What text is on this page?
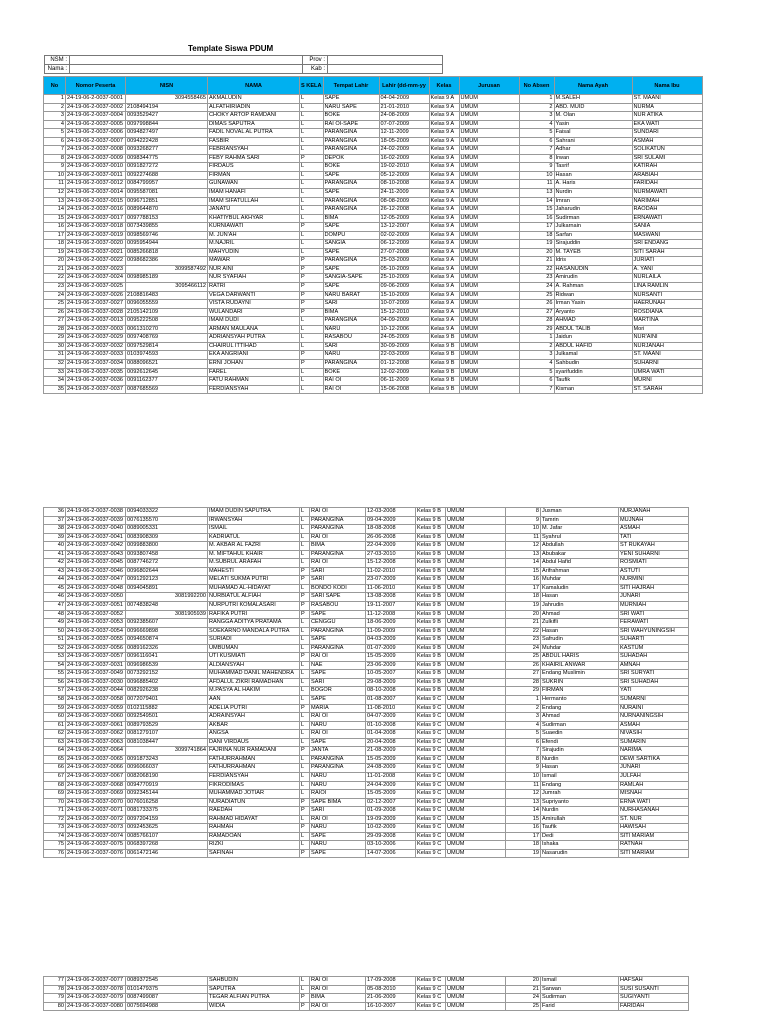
Template Siswa PDUM
NSM :		Prov :	
Nama :		Kab :	
No	Nomor Peserta	NISN	NAMA	S KELA	Tempat Lahir	Lahir (dd-mm-yy	Kelas	Jurusan	No Absen	Nama Ayah	Nama Ibu
1	24-19-06-2-0037-0001	3094558465	AKMALUDIN	L	SAPE	04-04-2009	Kelas 9 A	UMUM	1	M.SALEH	ST. MAANI
2	24-19-06-2-0037-0002	2108494194	ALFATHIRIADIN	L	NARU SAPE	21-01-2010	Kelas 9 A	UMUM	2	ABD. MUID	NURMA
3	24-19-06-2-0037-0004	0093529427	CHOKY ARTOP RAMDANI	L	BOKE	24-08-2009	Kelas 9 A	UMUM	3	M. Olan	NUR ATIKA
4	24-19-06-2-0037-0005	0097998844	DIMAS SAPUTRA	L	RAI OI-SAPE	07-07-2009	Kelas 9 A	UMUM	4	Yasin	EKA WATI
5	24-19-06-2-0037-0006	0094827497	FADIL NOVAL AL PUTRA	L	PARANGINA	12-11-2009	Kelas 9 A	UMUM	5	Faisal	SUNDARI
6	24-19-06-2-0037-0007	0094222428	FASBIR	L	PARANGINA	18-05-2009	Kelas 9 A	UMUM	6	Sahrani	ASMAH
7	24-19-06-2-0037-0008	0093268277	FEBRIANSYAH	L	PARANGINA	24-02-2009	Kelas 9 A	UMUM	7	Adhar	SOLIKATUN
8	24-19-06-2-0037-0009	0098344775	FEBY RAHMA SARI	P	DEPOK	16-02-2009	Kelas 9 A	UMUM	8	Irwan	SRI SULAMI
9	24-19-06-2-0037-0010	0091827272	FIRDAUS	L	BOKE	19-02-2010	Kelas 9 A	UMUM	9	Tasrif	KATIRAH
10	24-19-06-2-0037-0011	0092274688	FIRMAN	L	SAPE	05-12-2009	Kelas 9 A	UMUM	10	Hasan	ARABIAH
11	24-19-06-2-0037-0012	0084799957	GUNAWAN	L	PARANGINA	08-10-2008	Kelas 9 A	UMUM	11	A. Haris	FARIDAH
12	24-19-06-2-0037-0014	0095587081	IMAM HANAFI	L	SAPE	24-11-2009	Kelas 9 A	UMUM	13	Nurdin	NURMAWATI
13	24-19-06-2-0037-0015	0096712851	IMAM SIFATULLAH	L	PARANGINA	08-08-2009	Kelas 9 A	UMUM	14	Imran	NARIMAH
14	24-19-06-2-0037-0016	0089644870	JANATU	L	PARANGINA	26-12-2008	Kelas 9 A	UMUM	15	Jaharudin	RAODAH
15	24-19-06-2-0037-0017	0097788153	KHATIYBUL AKHYAR	L	BIMA	12-05-2009	Kelas 9 A	UMUM	16	Sudirman	ERNAWATI
16	24-19-06-2-0037-0018	0073439855	KURNIAWATI	P	SAPE	13-12-2007	Kelas 9 A	UMUM	17	Julkarnain	SANIA
17	24-19-06-2-0037-0019	0098569746	M. JUN'AH	L	DOMPU	02-02-2009	Kelas 9 A	UMUM	18	Sarfan	MASWANI
18	24-19-06-2-0037-0020	0095954944	M.NAJRIL	L	SANGIA	06-12-2009	Kelas 9 A	UMUM	19	Sirajuddin	SRI ENDANG
19	24-19-06-2-0037-0021	0085266818	MAHYUDIN	L	SAPE	27-07-2008	Kelas 9 A	UMUM	20	M. TAYEB	SITI SARAH
20	24-19-06-2-0037-0022	0098682386	MAWAR	P	PARANGINA	25-03-2009	Kelas 9 A	UMUM	21	Idris	JURIATI
21	24-19-06-2-0037-0023	3099587492	NUR AINI	P	SAPE	05-10-2009	Kelas 9 A	UMUM	22	HASANUDIN	A. YANI
22	24-19-06-2-0037-0024	0098985189	NUR SYAFIAH	P	SANGIA-SAPE	25-10-2009	Kelas 9 A	UMUM	23	Amirudin	NURLAILA
23	24-19-06-2-0037-0025	3095466112	RATRI	P	SAPE	09-06-2009	Kelas 9 A	UMUM	24	A. Rahman	LINA RAMLIN
24	24-19-06-2-0037-0026	2108816483	VEGA DARWANTI	P	NARU BARAT	15-10-2009	Kelas 9 A	UMUM	25	Ridwan	NURSANTI
25	24-19-06-2-0037-0027	0096055559	VISTA RUDAYNI	P	SARI	10-07-2009	Kelas 9 A	UMUM	26	Irman Yasin	HAERUNAH
26	24-19-06-2-0037-0028	2105142109	WULANDARI	P	BIMA	15-12-2010	Kelas 9 A	UMUM	27	Aryanto	ROSDIANA
27	24-19-06-2-0037-0013	0095222508	IMAM DUDI	L	PARANGINA	04-09-2009	Kelas 9 A	UMUM	28	AHMAD	MARTINA
28	24-19-06-2-0037-0003	0061310270	ARMAN MAULANA	L	NARU	10-12-2006	Kelas 9 A	UMUM	29	ABDUL TALIB	Mori
29	24-19-06-2-0037-0029	0097408769	ADRIANSYAH PUTRA	L	RASABOU	24-05-2009	Kelas 9 B	UMUM	1	Jaidun	NUR'AINI
30	24-19-06-2-0037-0032	0097529814	CHAIRUL ITTIHAD	L	SARI	30-09-2009	Kelas 9 B	UMUM	2	ABDUL HAFID	NURJANAH
31	24-19-06-2-0037-0033	0103974593	EKA ANGRIANI	P	NARU	22-03-2009	Kelas 9 B	UMUM	3	Julkamal	ST. MAANI
32	24-19-06-2-0037-0034	0088096521	ERNI JOHAN	P	PARANGINA	01-12-2008	Kelas 9 B	UMUM	4	Sahbudin	SUHARNI
33	24-19-06-2-0037-0035	0092612645	FAREL	L	BOKE	12-02-2009	Kelas 9 B	UMUM	5	syarifuddin	UMRA WATI
34	24-19-06-2-0037-0036	0091162377	FATU RAHMAN	L	RAI OI	06-11-2009	Kelas 9 B	UMUM	6	Taufik	MURNI
35	24-19-06-2-0037-0037	0087685569	FERDIANSYAH	L	RAI OI	15-06-2008	Kelas 9 B	UMUM	7	Kisman	ST. SARAH
36	24-19-06-2-0037-0038	0094033322	IMAM DUDIN SAPUTRA	L	RAI OI	12-03-2008	Kelas 9 B	UMUM	8	Jusman	NURJANAH
37	24-19-06-2-0037-0039	0076135570	IRWANSYAH	L	PARANGINA	09-04-2009	Kelas 9 B	UMUM	9	Tamrin	MUJNAH
38	24-19-06-2-0037-0040	0089005331	ISMAIL	L	PARANGINA	18-08-2008	Kelas 9 B	UMUM	10	M. Jafar	ASMAH
39	24-19-06-2-0037-0041	0083908309	KADRIATUL	L	RAI OI	26-06-2008	Kelas 9 B	UMUM	11	Syahrul	TATI
40	24-19-06-2-0037-0042	0099883800	M. AKBAR AL FAZRI	L	BIMA	22-04-2009	Kelas 9 B	UMUM	12	Abdullah	ST RUKAYAH
41	24-19-06-2-0037-0043	0093807458	M. MIFTAHUL KHAIR	L	PARANGINA	27-03-2010	Kelas 9 B	UMUM	13	Abubakar	YENI SUHARNI
42	24-19-06-2-0037-0045	0087746272	M.SUBRUL ARAFAH	L	RAI OI	15-12-2008	Kelas 9 B	UMUM	14	Abdul Hafid	ROSMIATI
43	24-19-06-2-0037-0046	0096802644	MAHESTI	P	SARI	11-02-2010	Kelas 9 B	UMUM	15	Arifrahman	ASTUTI
44	24-19-06-2-0037-0047	0091292123	MELATI SUKMA PUTRI	P	SARI	23-07-2009	Kelas 9 B	UMUM	16	Muhdar	NURMINI
45	24-19-06-2-0037-0048	0094045891	MUHAMAD AL-HIDAYAT	L	BONDO KODI	11-06-2010	Kelas 9 B	UMUM	17	Kamaludin	SITI HAJRAH
46	24-19-06-2-0037-0050	3081992200	NURBIATUL ALFIAH	P	SARI SAPE	13-08-2008	Kelas 9 B	UMUM	18	Hasan	JUNARI
47	24-19-06-2-0037-0051	0074838248	NURPUTRI KOMALASARI	P	RASABOU	19-11-2007	Kelas 9 B	UMUM	19	Jahrudin	MURNIAH
48	24-19-06-2-0037-0052	3081905939	RAFIKA PUTRI	P	SAPE	11-12-2008	Kelas 9 B	UMUM	20	Ahmad	SRI WATI
49	24-19-06-2-0037-0053	0092385607	RANGGA ADITYA PRATAMA	L	CENGGU	18-06-2009	Kelas 9 B	UMUM	21	Zulkifli	FERAWATI
50	24-19-06-2-0037-0054	0096669898	SOEKARNO MANDALA PUTRA	L	PARANGINA	11-09-2009	Kelas 9 B	UMUM	22	Hasan	SRI WAHYUNINGSIH
51	24-19-06-2-0037-0055	0094650874	SURIADI	L	SAPE	04-03-2009	Kelas 9 B	UMUM	23	Safrudin	SUHARTI
52	24-19-06-2-0037-0056	0089162326	UMBUMAN	L	PARANGINA	01-07-2009	Kelas 9 B	UMUM	24	Muhdar	KASTUM
53	24-19-06-2-0037-0057	0096116041	UTI KUSMIATI	P	RAI OI	15-05-2009	Kelas 9 B	UMUM	25	ABDUL HARIS	SUHADAH
54	24-19-06-2-0037-0031	0096986539	ALDIANSYAH	L	NAE	23-06-2009	Kelas 9 B	UMUM	26	KHAIRIL ANWAR	AMNAH
55	24-19-06-2-0037-0049	0073292152	MUHAMMAD DANIL MAHENDRA	L	SAPE	10-05-2007	Kelas 9 B	UMUM	27	Endang Muslimin	SRI SURYATI
56	24-19-06-2-0037-0030	0096885402	AFDALUL ZIKRI RAMADHAN	L	SARI	29-08-2009	Kelas 9 B	UMUM	28	SUKRIN	SRI SUHADAH
57	24-19-06-2-0037-0044	0082926238	M.PASYA AL HAKIM	L	BOGOR	08-10-2008	Kelas 9 B	UMUM	29	FIRMAN	YATI
58	24-19-06-2-0037-0058	0072079401	AAN	L	SAPE	01-08-2007	Kelas 9 C	UMUM	1	Hermanto	SUMARNI
59	24-19-06-2-0037-0059	0102115882	ADELIA PUTRI	P	MARIA	11-08-2010	Kelas 9 C	UMUM	2	Endang	NURAINI
60	24-19-06-2-0037-0060	0092549501	ADRAINSYAH	L	RAI OI	04-07-2009	Kelas 9 C	UMUM	3	Ahmad	NURNANINGSIH
61	24-19-06-2-0037-0061	0089793529	AKBAR	L	NARU	01-10-2008	Kelas 9 C	UMUM	4	Sudirman	ASMAH
62	24-19-06-2-0037-0062	0081279107	ANGSA	L	RAI OI	01-04-2008	Kelas 9 C	UMUM	5	Suaedin	NIVASIH
63	24-19-06-2-0037-0063	0081038447	DANI VIRDAUS	L	SAPE	20-04-2008	Kelas 9 C	UMUM	6	Efendi	SUMARIN
64	24-19-06-2-0037-0064	3099741864	FAJRINA NUR RAMADANI	P	JANTA	21-08-2009	Kelas 9 C	UMUM	7	Sirajudin	NARIMA
65	24-19-06-2-0037-0065	0091873243	FATHURRAHMAN	L	PARANGINA	15-05-2009	Kelas 9 C	UMUM	8	Nurdin	DEWI SARTIKA
66	24-19-06-2-0037-0066	0096066037	FATHURRAHMAN	L	PARANGINA	24-08-2009	Kelas 9 C	UMUM	9	Hasan	JUNARI
67	24-19-06-2-0037-0067	0082068190	FERDIANSYAH	L	NARU	11-01-2008	Kelas 9 C	UMUM	10	Ismail	JULFAH
68	24-19-06-2-0037-0068	0094770919	FIKRODIMAS	L	NARU	24-04-2009	Kelas 9 C	UMUM	11	Endang	RAMLAH
69	24-19-06-2-0037-0069	0092345144	MUHAMMAD JOTIAR	L	RAIOI	15-05-2009	Kelas 9 C	UMUM	12	Jumrah	MISNAH
70	24-19-06-2-0037-0070	0076016258	NURADIATUN	P	SAPE BIMA	02-12-2007	Kelas 9 C	UMUM	13	Supriyanto	ERNA WATI
71	24-19-06-2-0037-0071	0081733375	RAEDAH	P	SARI	01-09-2008	Kelas 9 C	UMUM	14	Nurdin	NURHASANAH
72	24-19-06-2-0037-0072	0097204159	RAHMAD HIDAYAT	L	RAI OI	19-09-2009	Kelas 9 C	UMUM	15	Amirullah	ST. NUR
73	24-19-06-2-0037-0073	0092453625	RAHMAH	P	NARU	10-02-2009	Kelas 9 C	UMUM	16	Taufik	HAWISAH
74	24-19-06-2-0037-0074	0085766107	RAMADOAN	L	SAPE	29-09-2008	Kelas 9 C	UMUM	17	Dedi	SITI MARIAM
75	24-19-06-2-0037-0075	0068397268	RIZKI	L	NARU	03-10-2006	Kelas 9 C	UMUM	18	Ishaka	RATNAH
76	24-19-06-2-0037-0076	0061472146	SAFINAH	P	SAPE	14-07-2006	Kelas 9 C	UMUM	19	Nasarudin	SITI MARIAM
77	24-19-06-2-0037-0077	0089372545	SAHBUDIN	L	RAI OI	17-09-2008	Kelas 9 C	UMUM	20	Ismail	HAFSAH
78	24-19-06-2-0037-0078	0101479375	SAPUTRA	L	RAI OI	05-08-2010	Kelas 9 C	UMUM	21	Sarwan	SUSI SUSANTI
79	24-19-06-2-0037-0079	0087499087	TEGAR ALFIAN PUTRA	P	BIMA	21-06-2009	Kelas 9 C	UMUM	24	Sudirman	SUGIYANTI
80	24-19-06-2-0037-0080	0075694988	WIDIA	P	RAI OI	16-10-2007	Kelas 9 C	UMUM	25	Farid	FARIDAH
